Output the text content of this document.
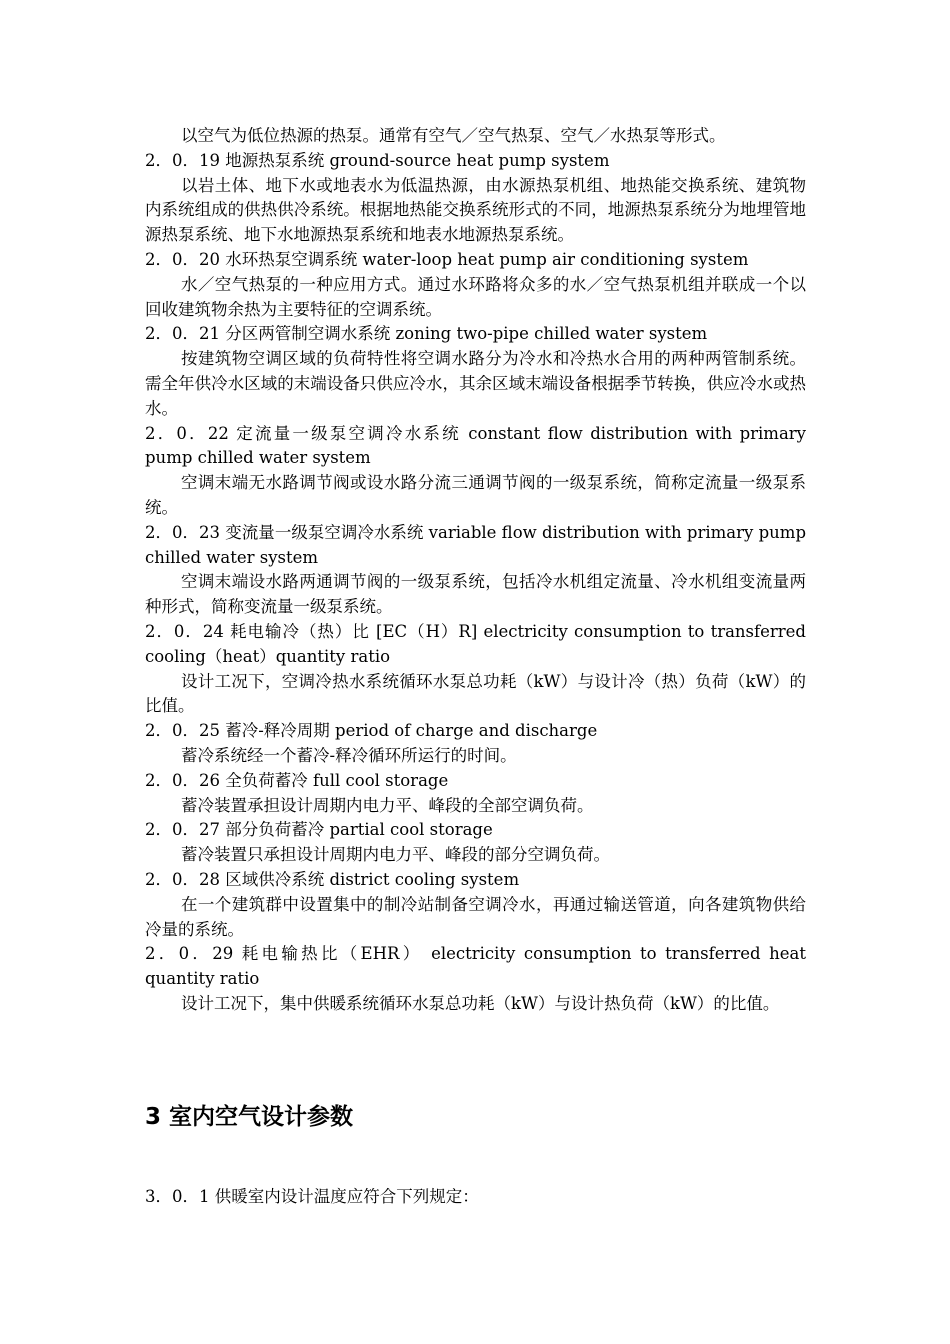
以空气为低位热源的热泵。通常有空气／空气热泵、空气／水热泵等形式。

2．0．19 地源热泵系统 ground-source heat pump system

以岩土体、地下水或地表水为低温热源，由水源热泵机组、地热能交换系统、建筑物内系统组成的供热供冷系统。根据地热能交换系统形式的不同，地源热泵系统分为地埋管地源热泵系统、地下水地源热泵系统和地表水地源热泵系统。

2．0．20 水环热泵空调系统 water-loop heat pump air conditioning system

水／空气热泵的一种应用方式。通过水环路将众多的水／空气热泵机组并联成一个以回收建筑物余热为主要特征的空调系统。

2．0．21 分区两管制空调水系统 zoning two-pipe chilled water system

按建筑物空调区域的负荷特性将空调水路分为冷水和冷热水合用的两种两管制系统。需全年供冷水区域的末端设备只供应冷水，其余区域末端设备根据季节转换，供应冷水或热水。

2．0．22 定流量一级泵空调冷水系统 constant flow distribution with primary pump chilled water system

空调末端无水路调节阀或设水路分流三通调节阀的一级泵系统，简称定流量一级泵系统。

2．0．23 变流量一级泵空调冷水系统 variable flow distribution with primary pump chilled water system

空调末端设水路两通调节阀的一级泵系统，包括冷水机组定流量、冷水机组变流量两种形式，简称变流量一级泵系统。

2．0．24 耗电输冷（热）比 [EC（H）R] electricity consumption to transferred cooling（heat）quantity ratio

设计工况下，空调冷热水系统循环水泵总功耗（kW）与设计冷（热）负荷（kW）的比值。

2．0．25 蓄冷-释冷周期 period of charge and discharge

蓄冷系统经一个蓄冷-释冷循环所运行的时间。

2．0．26 全负荷蓄冷 full cool storage

蓄冷装置承担设计周期内电力平、峰段的全部空调负荷。

2．0．27 部分负荷蓄冷 partial cool storage

蓄冷装置只承担设计周期内电力平、峰段的部分空调负荷。

2．0．28 区域供冷系统 district cooling system

在一个建筑群中设置集中的制冷站制备空调冷水，再通过输送管道，向各建筑物供给冷量的系统。

2．0．29 耗电输热比（EHR） electricity consumption to transferred heat quantity ratio

设计工况下，集中供暖系统循环水泵总功耗（kW）与设计热负荷（kW）的比值。

3 室内空气设计参数

3．0．1 供暖室内设计温度应符合下列规定：
